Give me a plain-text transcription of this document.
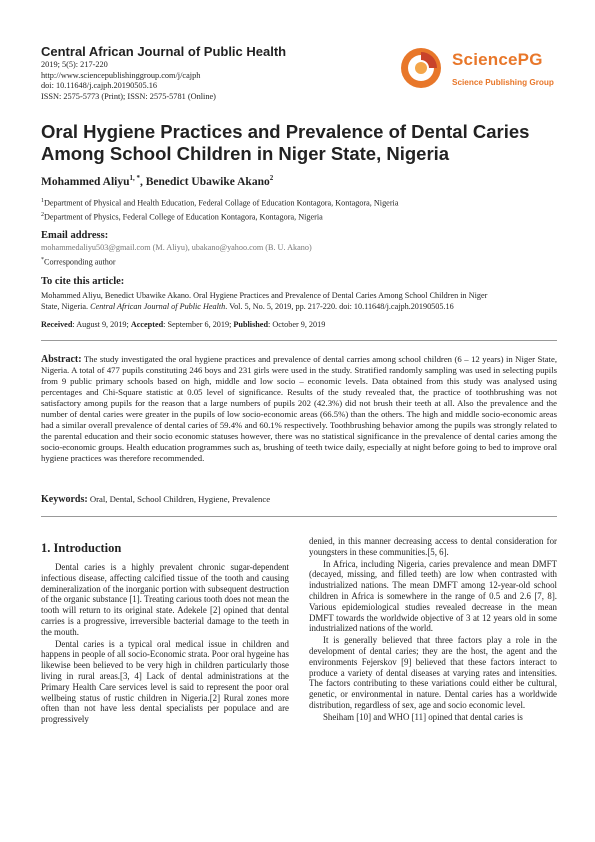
Central African Journal of Public Health
2019; 5(5): 217-220
http://www.sciencepublishinggroup.com/j/cajph
doi: 10.11648/j.cajph.20190505.16
ISSN: 2575-5773 (Print); ISSN: 2575-5781 (Online)
SciencePG
Science Publishing Group
Oral Hygiene Practices and Prevalence of Dental Caries
Among School Children in Niger State, Nigeria
Mohammed Aliyu$^{1, *}$, Benedict Ubawike Akano$^2$
$^1$Department of Physical and Health Education, Federal Collage of Education Kontagora, Kontagora, Nigeria
$^2$Department of Physics, Federal College of Education Kontagora, Kontagora, Nigeria
Email address:
mohammedaliyu503@gmail.com (M. Aliyu), ubakano@yahoo.com (B. U. Akano)
*Corresponding author
To cite this article:
Mohammed Aliyu, Benedict Ubawike Akano. Oral Hygiene Practices and Prevalence of Dental Caries Among School Children in Niger
State, Nigeria. Central African Journal of Public Health. Vol. 5, No. 5, 2019, pp. 217-220. doi: 10.11648/j.cajph.20190505.16
Received: August 9, 2019; Accepted: September 6, 2019; Published: October 9, 2019
Abstract: The study investigated the oral hygiene practices and prevalence of dental carries among school children (6 – 12 years) in Niger State, Nigeria. A total of 477 pupils constituting 246 boys and 231 girls were used in the study. Stratified randomly sampling was used in selecting pupils from 9 public primary schools based on high, middle and low socio – economic levels. Data obtained from this study was analysed using percentages and Chi-Square statistic at 0.05 level of significance. Results of the study revealed that, the practice of toothbrushing was not satisfactory among pupils for the reason that a large numbers of pupils 202 (42.3%) did not brush their teeth at all. Also the prevalence and the number of dental caries were greater in the pupils of low socio-economic areas (66.5%) than the others. The high and middle socio-economic areas had a similar overall prevalence of dental caries of 59.4% and 60.1% respectively. Toothbrushing behavior among the pupils was strongly related to the parental education and their socio economic statuses however, there was no statistical significance in the prevalence of dental caries among the socio-economic groups. Health education programmes such as, brushing of teeth twice daily, especially at night before going to bed to improve oral hygiene practices was therefore recommended.
Keywords: Oral, Dental, School Children, Hygiene, Prevalence
1. Introduction

Dental caries is a highly prevalent chronic sugar-dependent infectious disease, affecting calcified tissue of the tooth and causing demineralization of the inorganic portion with subsequent destruction of the organic substance [1]. Treating carious tooth does not mean the tooth will return to its original state. Adekele [2] opined that dental carries is a progressive, irreversible bacterial damage to the teeth in the mouth.

Dental caries is a typical oral medical issue in children and happens in people of all socio-Economic strata. Poor oral hygeine has likewise been believed to be very high in children particularly those living in rural areas.[3, 4] Lack of dental administrations at the Primary Health Care services level is said to represent the poor oral wellbeing status of rustic children in Nigeria.[2] Rural zones more often than not have less dental specialists per populace and are progressively

denied, in this manner decreasing access to dental consideration for youngsters in these communities.[5, 6].

In Africa, including Nigeria, caries prevalence and mean DMFT (decayed, missing, and filled teeth) are low when contrasted with industrialized nations. The mean DMFT among 12-year-old school children in Africa is somewhere in the range of 0.5 and 2.6 [7, 8]. Various epidemiological studies revealed decrease in the mean DMFT towards the worldwide objective of 3 at 12 years old in some industrialized nations of the world.

It is generally believed that three factors play a role in the development of dental caries; they are the host, the agent and the environments Fejerskov [9] believed that these factors interact to produce a variety of dental diseases at varying rates and intensities. The factors contributing to these variations could either be cultural, genetic, or environmental in nature. Dental caries has a worldwide distribution, regardless of sex, age and socio economic level.

Sheiham [10] and WHO [11] opined that dental caries is
